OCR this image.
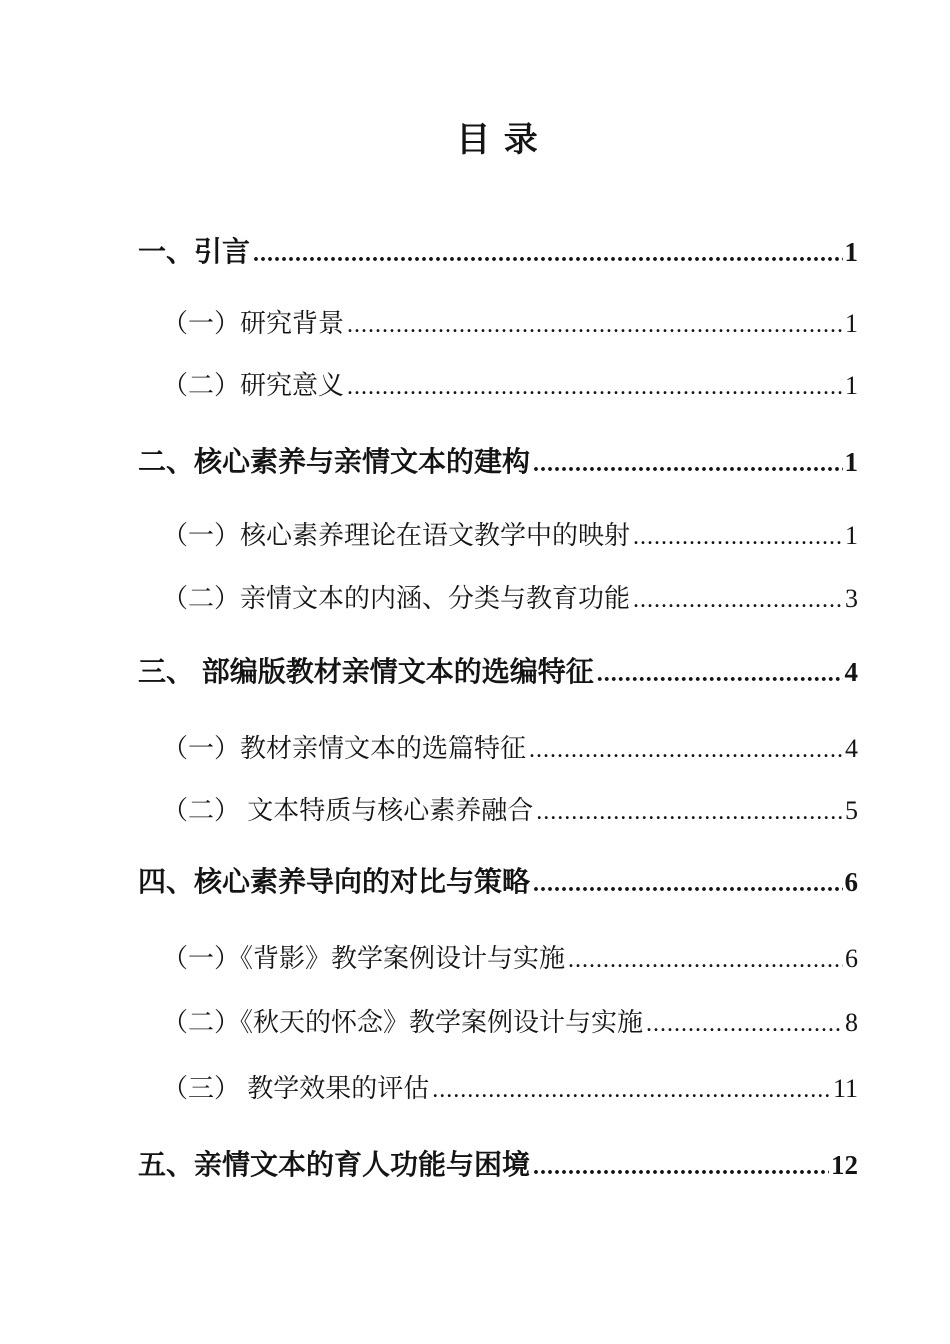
目 录
一、引言 .....	1
（一）研究背景 .....	1
（二）研究意义 .....	1
二、核心素养与亲情文本的建构 .....	1
（一）核心素养理论在语文教学中的映射 .....	1
（二）亲情文本的内涵、分类与教育功能 .....	3
三、 部编版教材亲情文本的选编特征 .....	4
（一）教材亲情文本的选篇特征 .....	4
（二） 文本特质与核心素养融合 .....	5
四、核心素养导向的对比与策略 .....	6
（一）《背影》教学案例设计与实施 .....	6
（二）《秋天的怀念》教学案例设计与实施 .....	8
（三） 教学效果的评估 .....	11
五、亲情文本的育人功能与困境 .....	12
